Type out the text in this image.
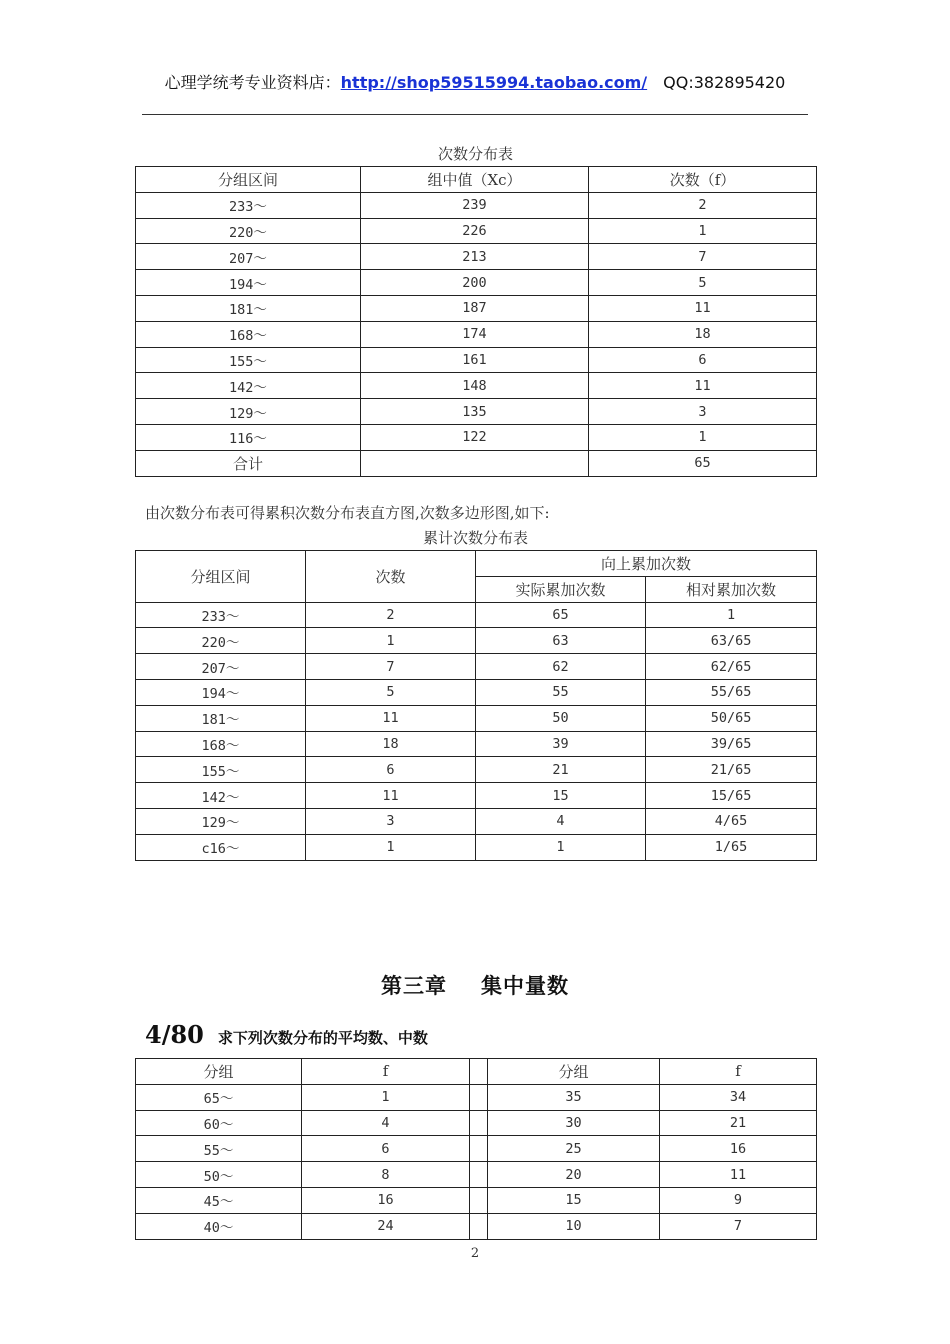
心理学统考专业资料店：http://shop59515994.taobao.com/ QQ:382895420
次数分布表
分组区间	组中值（Xc）	次数（f）
233～	239	2
220～	226	1
207～	213	7
194～	200	5
181～	187	11
168～	174	18
155～	161	6
142～	148	11
129～	135	3
116～	122	1
合计		65
由次数分布表可得累积次数分布表直方图,次数多边形图,如下:
累计次数分布表
分组区间	次数	向上累加次数	
		实际累加次数	相对累加次数
233～	2	65	1
220～	1	63	63/65
207～	7	62	62/65
194～	5	55	55/65
181～	11	50	50/65
168～	18	39	39/65
155～	6	21	21/65
142～	11	15	15/65
129～	3	4	4/65
c16～	1	1	1/65
第三章 集中量数
4/80 求下列次数分布的平均数、中数
分组	f		分组	f
65～	1		35	34
60～	4		30	21
55～	6		25	16
50～	8		20	11
45～	16		15	9
40～	24		10	7
2
